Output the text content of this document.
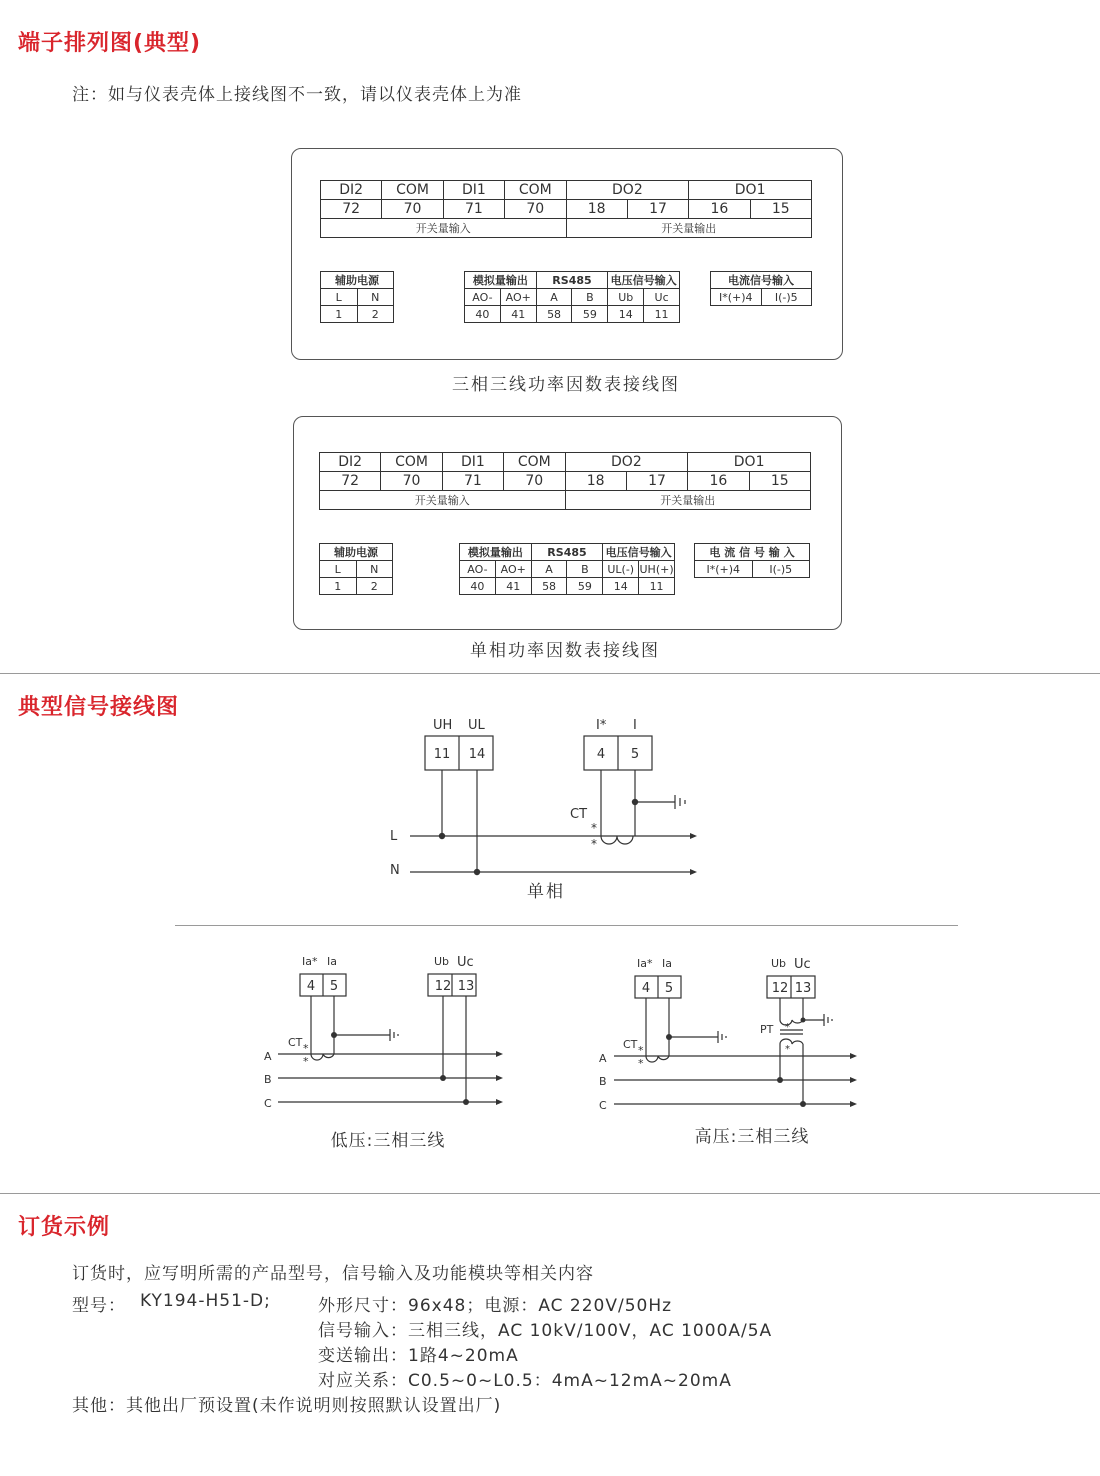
端子排列图(典型)
注：如与仪表壳体上接线图不一致，请以仪表壳体上为准
DI2	COM	DI1	COM	DO2		DO1	
72	70	71	70	18	17	16	15
开关量输入				开关量输出			
辅助电源	
L	N
1	2
模拟量输出		RS485		电压信号输入	
AO-	AO+	A	B	Ub	Uc
40	41	58	59	14	11
电流信号输入
I*(+)4	I(-)5
三相三线功率因数表接线图
DI2	COM	DI1	COM	DO2		DO1	
72	70	71	70	18	17	16	15
开关量输入				开关量输出			
辅助电源	
L	N
1	2
模拟量输出		RS485		电压信号输入	
AO-	AO+	A	B	UL(-)	UH(+)
40	41	58	59	14	11
电 流 信 号 输 入
I*(+)4	I(-)5
单相功率因数表接线图
典型信号接线图
UH UL
11 14
I* I
4 5
CT
*
*
L
N
单相
Ia* Ia
4 5
Ub Uc
12 13
CT *
*
A
B
C
低压:三相三线
Ia* Ia
4 5
Ub Uc
12 13
CT *
*
PT *
*
A
B
C
高压:三相三线
订货示例
订货时，应写明所需的产品型号，信号输入及功能模块等相关内容
型号： KY194-H51-D;	外形尺寸：96x48；电源：AC 220V/50Hz
信号输入：三相三线，AC 10kV/100V，AC 1000A/5A
变送输出：1路4~20mA
对应关系：C0.5~0~L0.5：4mA~12mA~20mA
其他：其他出厂预设置(未作说明则按照默认设置出厂)
